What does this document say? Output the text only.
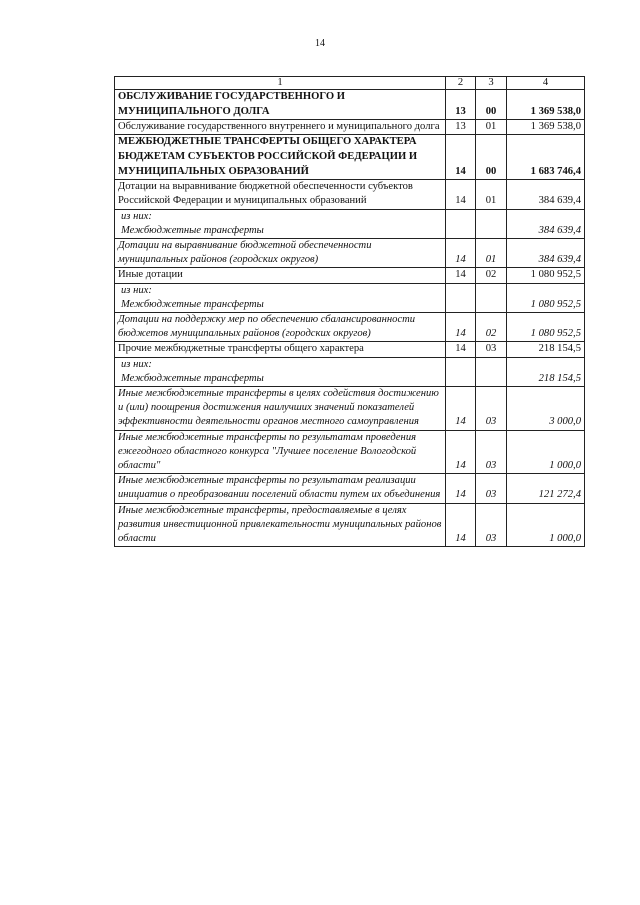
14
1	2	3	4
ОБСЛУЖИВАНИЕ ГОСУДАРСТВЕННОГО И МУНИЦИПАЛЬНОГО ДОЛГА	13	00	1 369 538,0
Обслуживание государственного внутреннего и муниципального долга	13	01	1 369 538,0
МЕЖБЮДЖЕТНЫЕ ТРАНСФЕРТЫ ОБЩЕГО ХАРАКТЕРА БЮДЖЕТАМ СУБЪЕКТОВ РОССИЙСКОЙ ФЕДЕРАЦИИ И МУНИЦИПАЛЬНЫХ ОБРАЗОВАНИЙ	14	00	1 683 746,4
Дотации на выравнивание бюджетной обеспеченности субъектов Российской Федерации и муниципальных образований	14	01	384 639,4

из них:
Межбюджетные трансферты			384 639,4
Дотации на выравнивание бюджетной обеспеченности муниципальных районов (городских округов)	14	01	384 639,4
Иные дотации	14	02	1 080 952,5

из них:
Межбюджетные трансферты			1 080 952,5
Дотации на поддержку мер по обеспечению сбалансированности бюджетов муниципальных районов (городских округов)	14	02	1 080 952,5
Прочие межбюджетные трансферты общего характера	14	03	218 154,5

из них:
Межбюджетные трансферты			218 154,5
Иные межбюджетные трансферты в целях содействия достижению и (или) поощрения достижения наилучших значений показателей эффективности деятельности органов местного самоуправления	14	03	3 000,0
Иные межбюджетные трансферты по результатам проведения ежегодного областного конкурса "Лучшее поселение Вологодской области"	14	03	1 000,0
Иные межбюджетные трансферты по результатам реализации инициатив о преобразовании поселений области путем их объединения	14	03	121 272,4
Иные межбюджетные трансферты, предоставляемые в целях развития инвестиционной привлекательности муниципальных районов области	14	03	1 000,0
